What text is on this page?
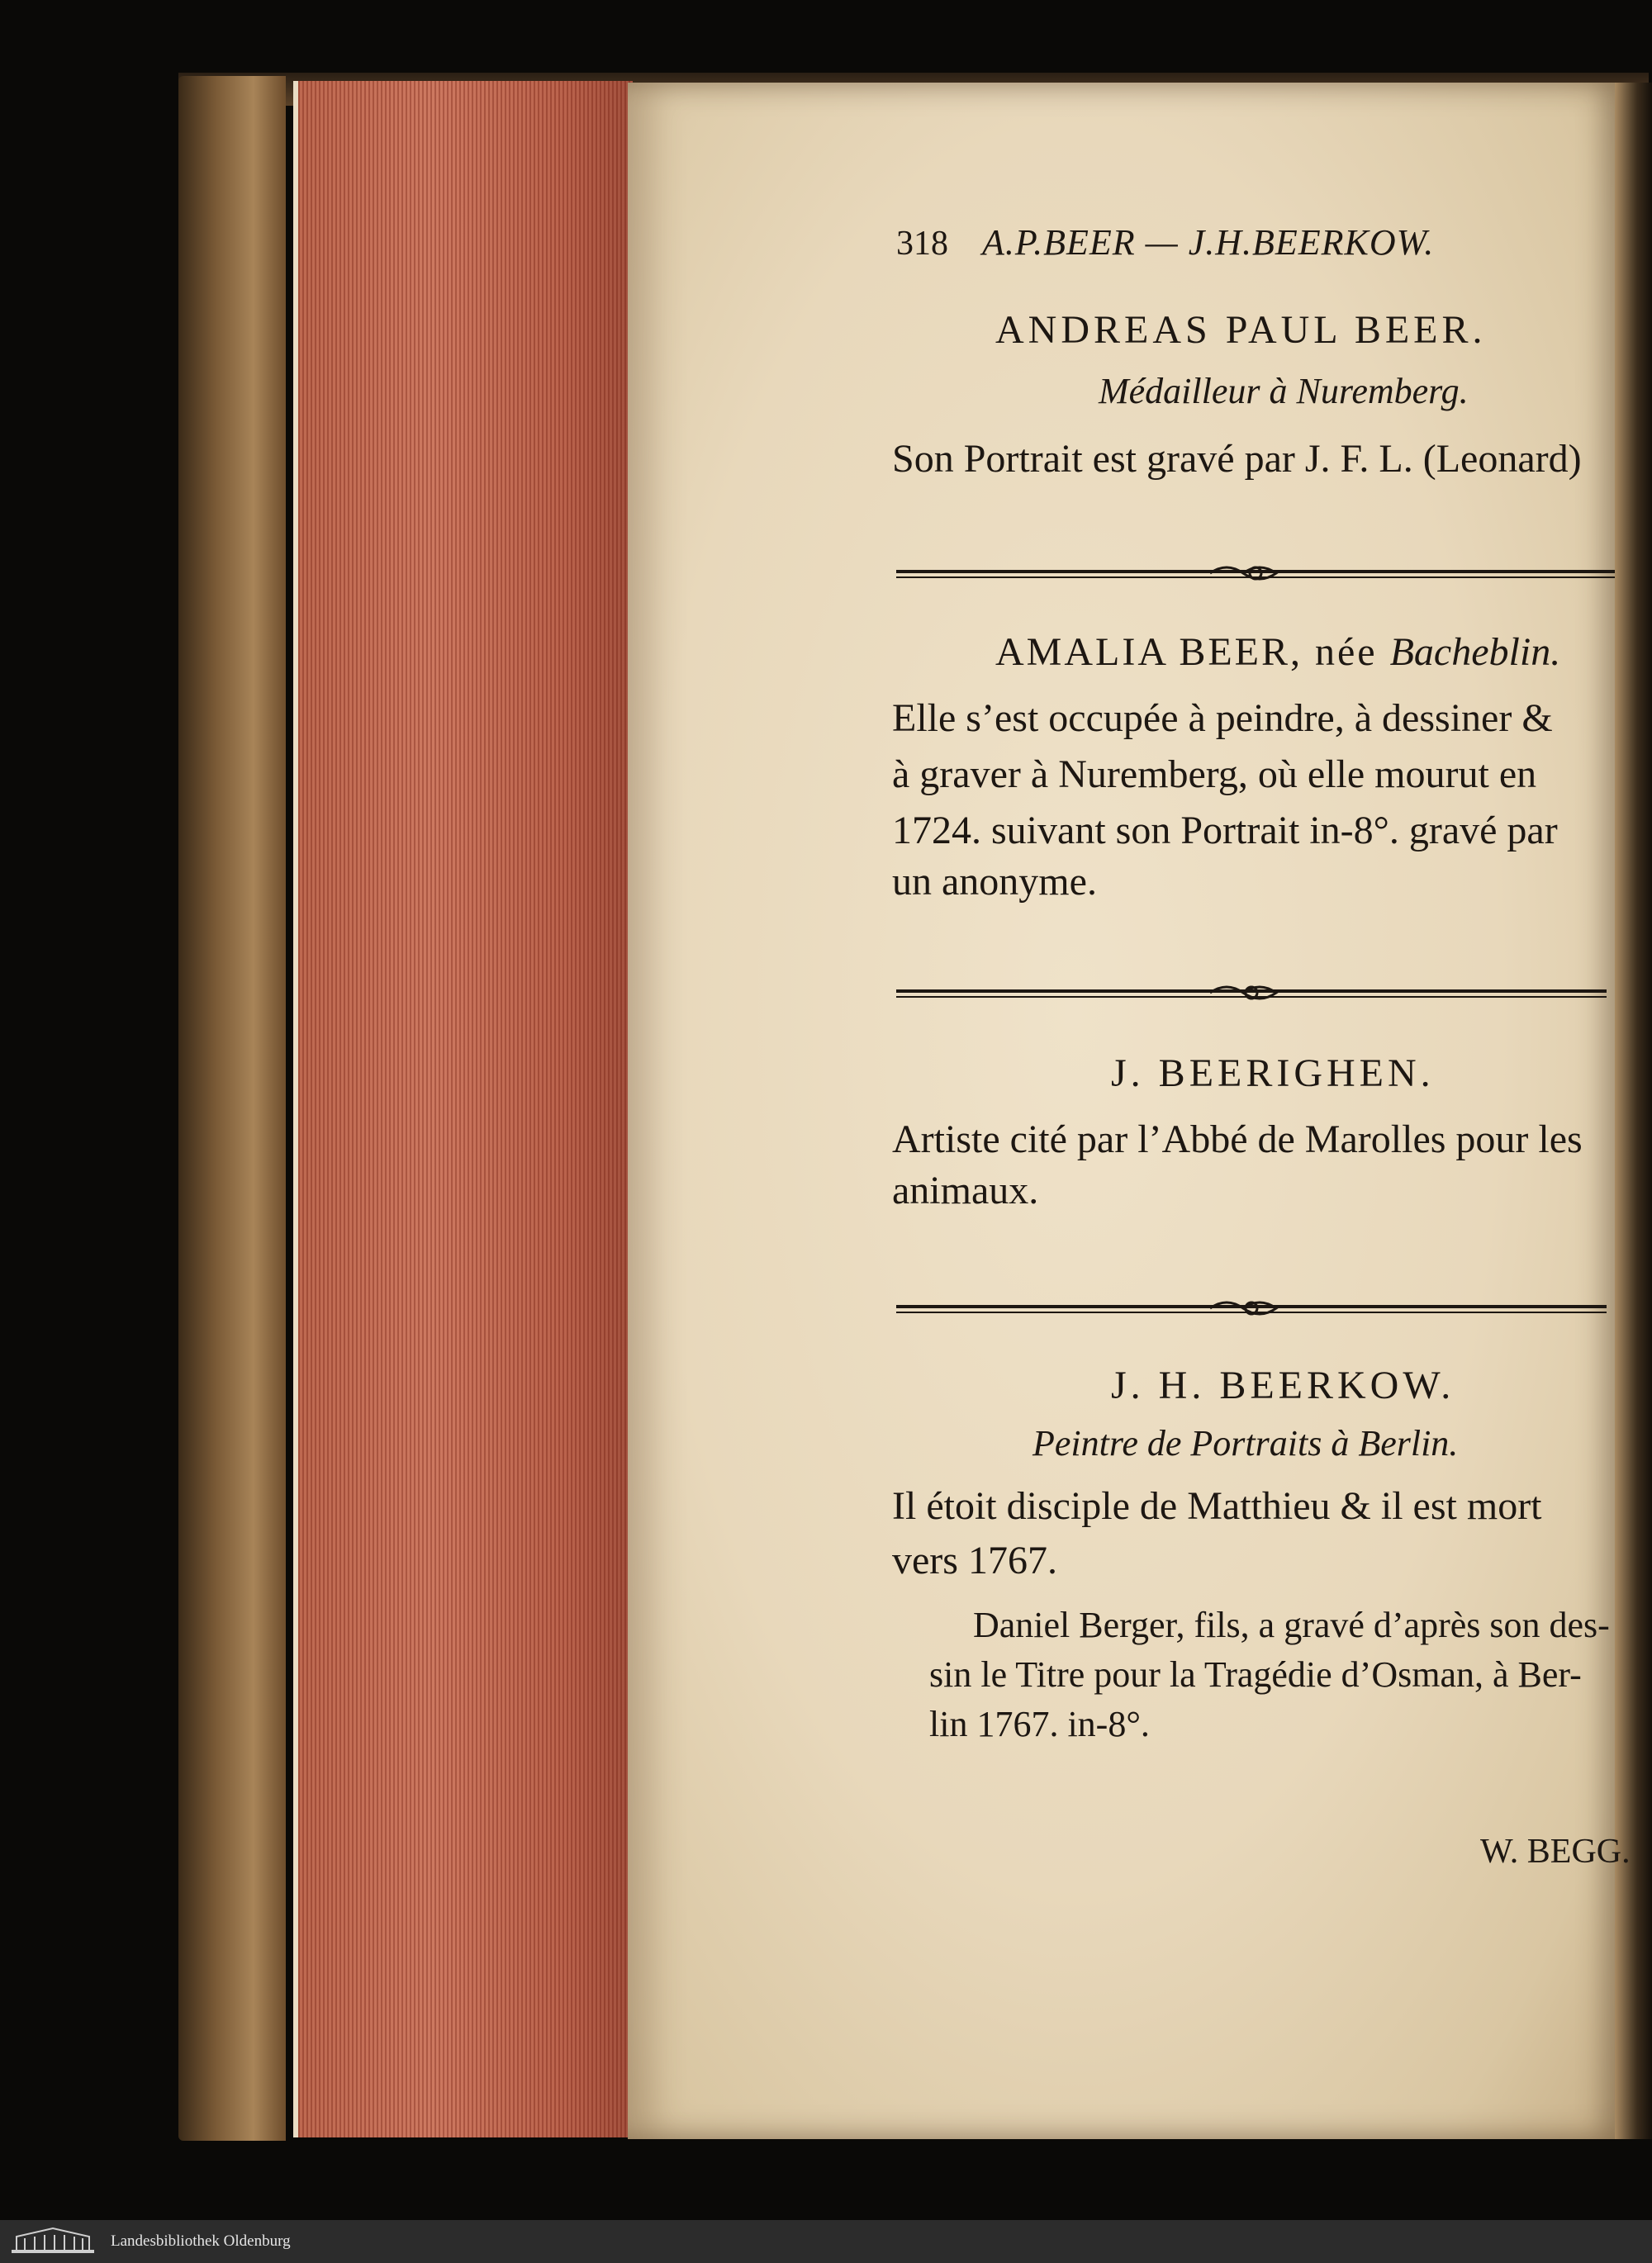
318 A.P.BEER — J.H.BEERKOW.
ANDREAS PAUL BEER.
Médailleur à Nuremberg.
Son Portrait est gravé par J. F. L. (Leonard)
AMALIA BEER, née Bacheblin.
Elle s’est occupée à peindre, à dessiner &
à graver à Nuremberg, où elle mourut en
1724. suivant son Portrait in-8°. gravé par
un anonyme.
J. BEERIGHEN.
Artiste cité par l’Abbé de Marolles pour les
animaux.
J. H. BEERKOW.
Peintre de Portraits à Berlin.
Il étoit disciple de Matthieu & il est mort
vers 1767.
Daniel Berger, fils, a gravé d’après son des-
sin le Titre pour la Tragédie d’Osman, à Ber-
lin 1767. in-8°.
W. BEGG.
Landesbibliothek Oldenburg
